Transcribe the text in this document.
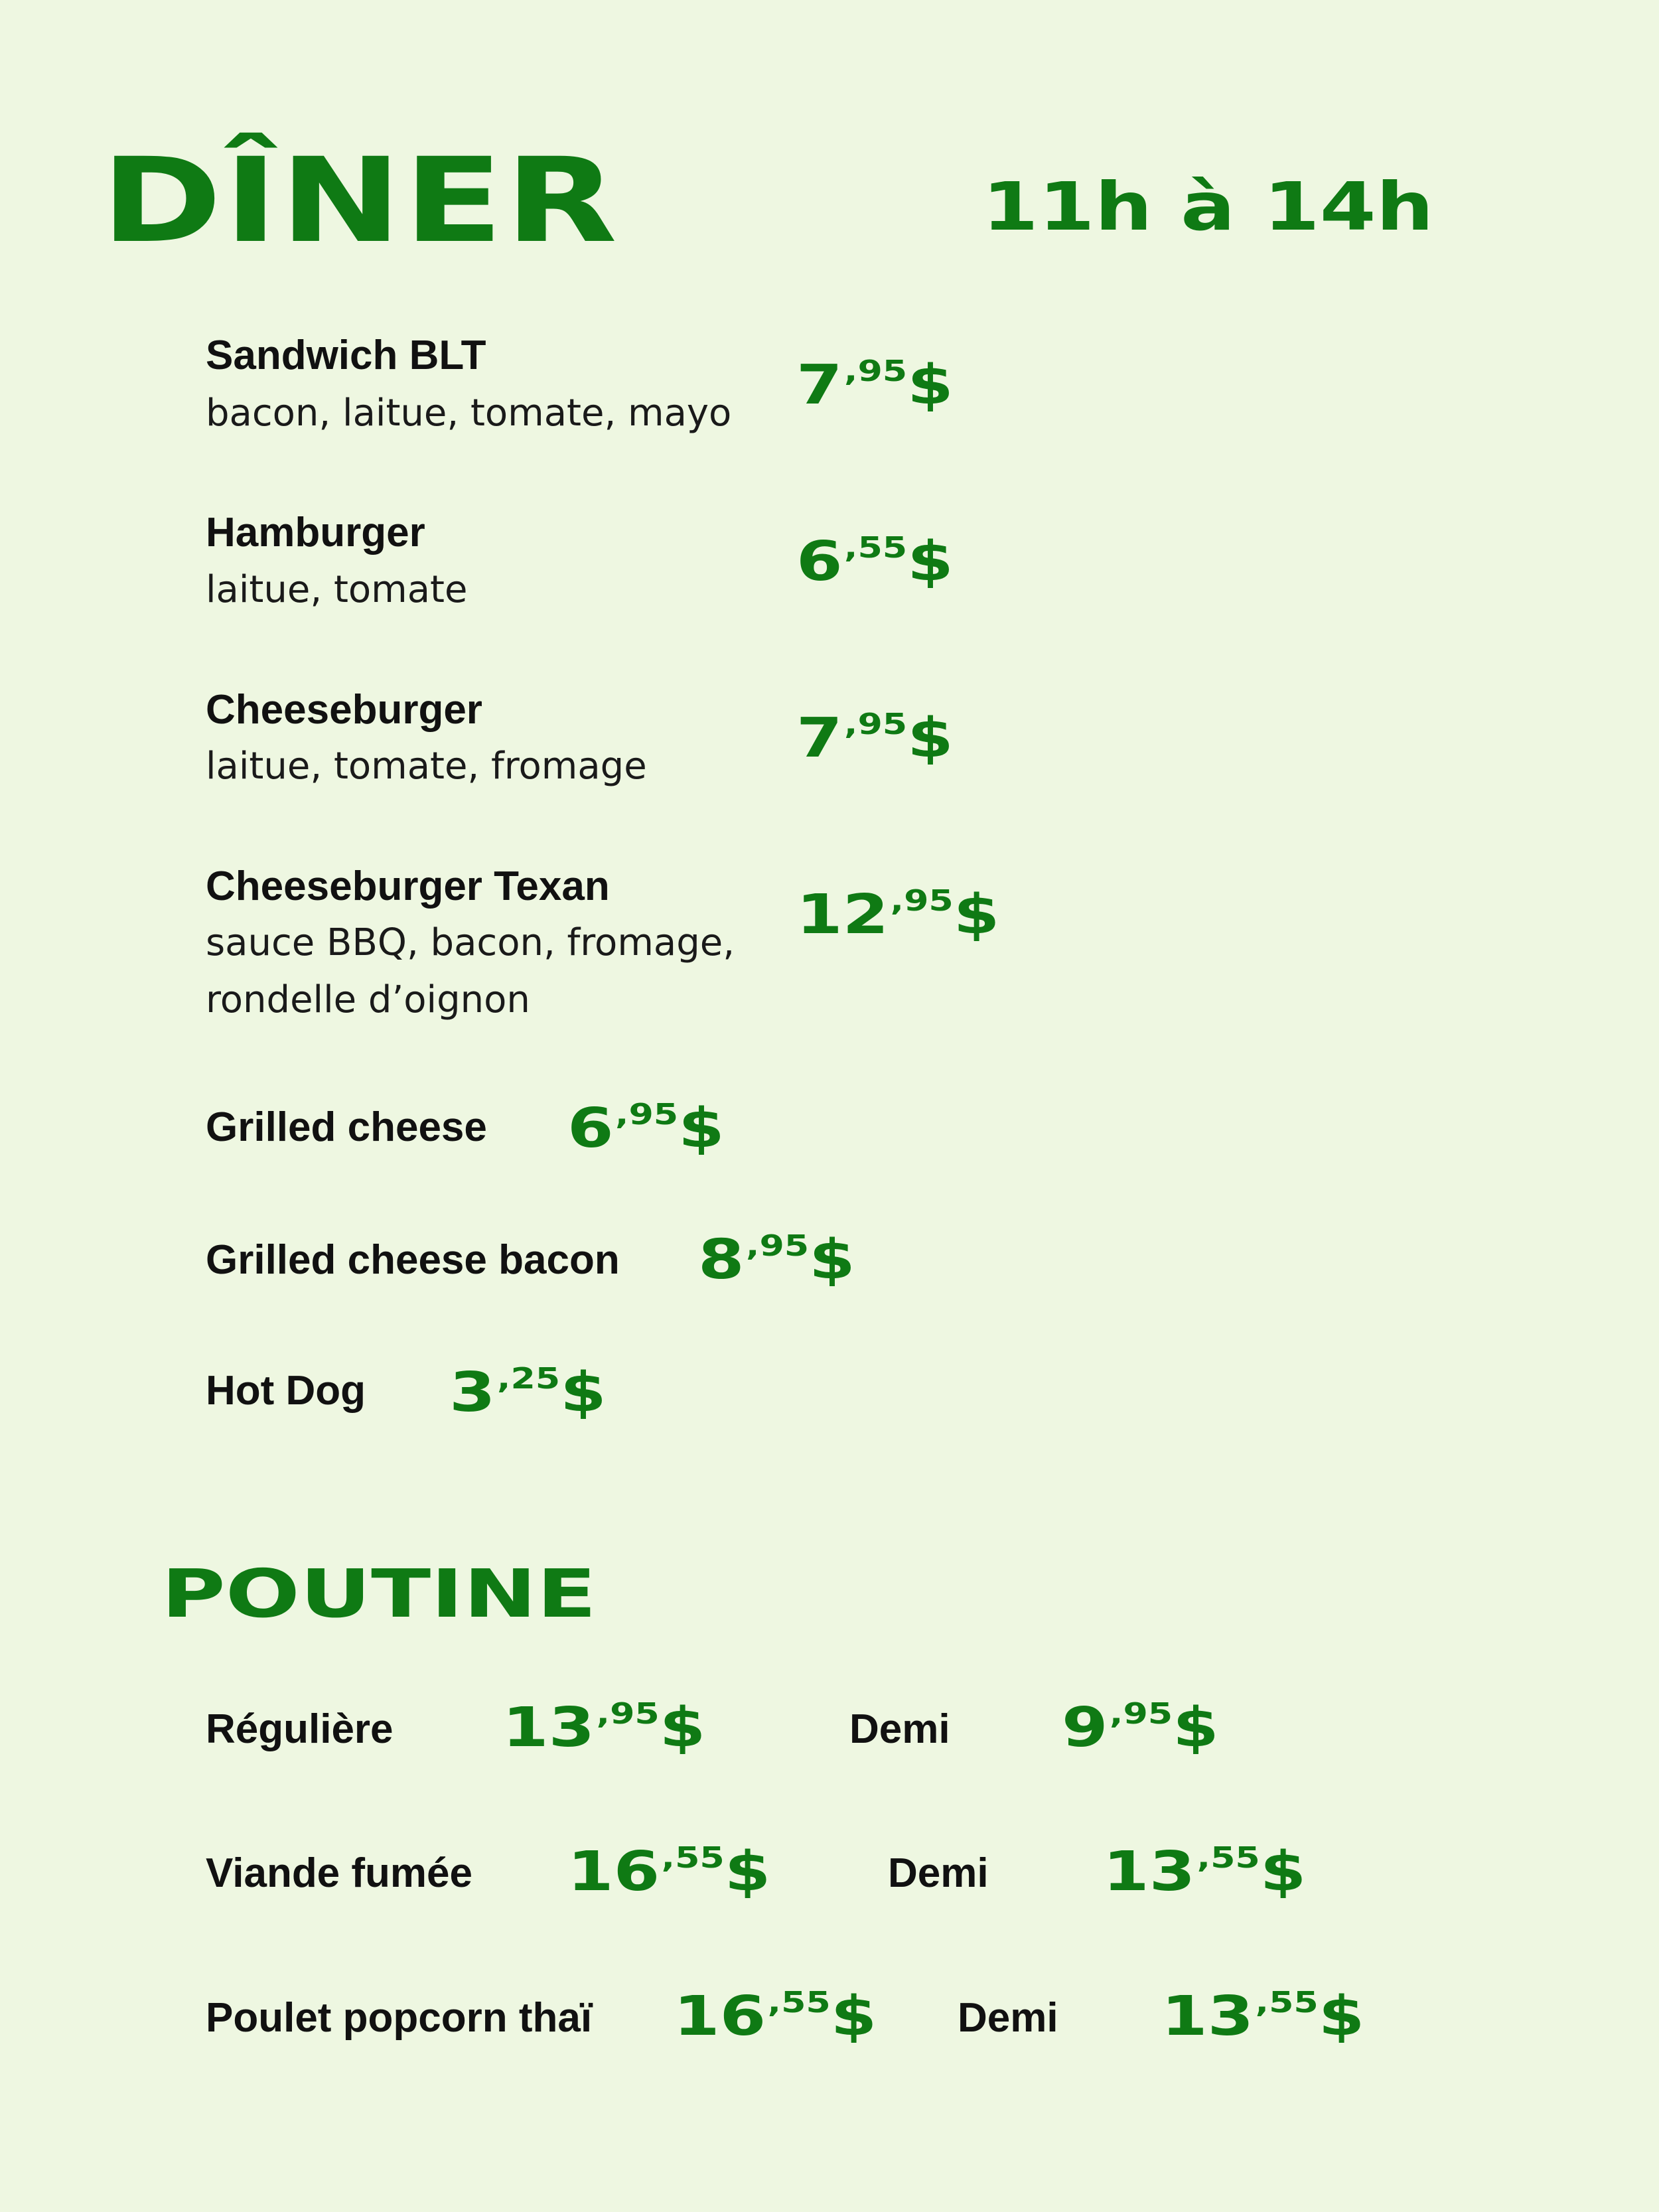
DÎNER	11h à 14h
Sandwich BLT
bacon, laitue, tomate, mayo	$7^{,95}\$$
Hamburger
laitue, tomate	$6^{,55}\$$
Cheeseburger
laitue, tomate, fromage	$7^{,95}\$$
Cheeseburger Texan
sauce BBQ, bacon, fromage, rondelle d’oignon
$12^{,95}\$$
Grilled cheese $6^{,95}\$$
Grilled cheese bacon $8^{,95}\$$
Hot Dog $3^{,25}\$$
POUTINE
Régulière $13^{,95}\$$	Demi $9^{,95}\$$
Viande fumée $16^{,55}\$$	Demi $13^{,55}\$$
Poulet popcorn thaï $16^{,55}\$$ Demi $13^{,55}\$$
